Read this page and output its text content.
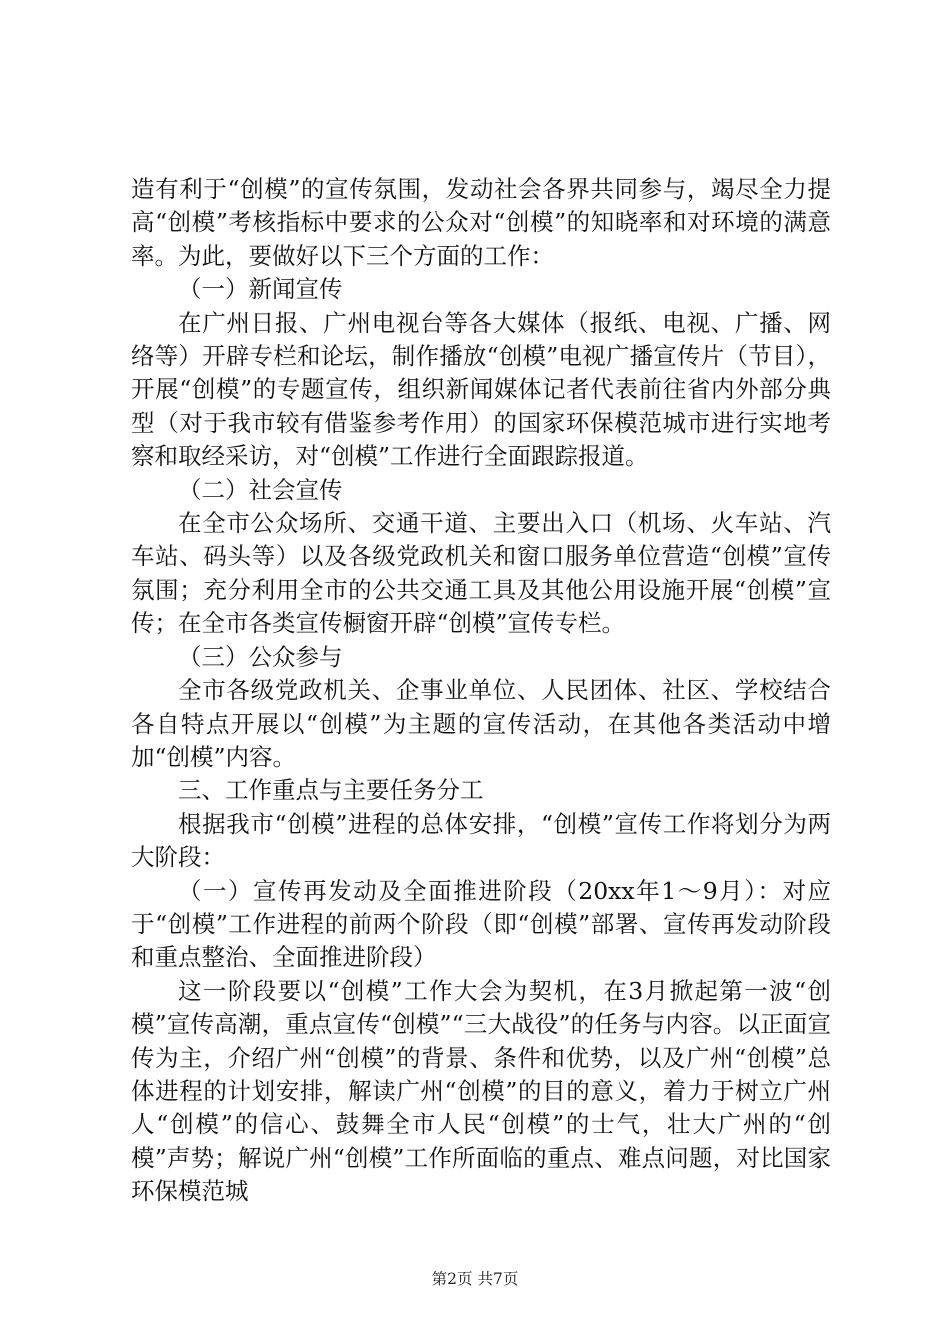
造有利于“创模”的宣传氛围，发动社会各界共同参与，竭尽全力提高“创模”考核指标中要求的公众对“创模”的知晓率和对环境的满意率。为此，要做好以下三个方面的工作：

（一）新闻宣传

在广州日报、广州电视台等各大媒体（报纸、电视、广播、网络等）开辟专栏和论坛，制作播放“创模”电视广播宣传片（节目），开展“创模”的专题宣传，组织新闻媒体记者代表前往省内外部分典型（对于我市较有借鉴参考作用）的国家环保模范城市进行实地考察和取经采访，对“创模”工作进行全面跟踪报道。

（二）社会宣传

在全市公众场所、交通干道、主要出入口（机场、火车站、汽车站、码头等）以及各级党政机关和窗口服务单位营造“创模”宣传氛围；充分利用全市的公共交通工具及其他公用设施开展“创模”宣传；在全市各类宣传橱窗开辟“创模”宣传专栏。

（三）公众参与

全市各级党政机关、企事业单位、人民团体、社区、学校结合各自特点开展以“创模”为主题的宣传活动，在其他各类活动中增加“创模”内容。

三、工作重点与主要任务分工

根据我市“创模”进程的总体安排，“创模”宣传工作将划分为两大阶段：

（一）宣传再发动及全面推进阶段（20xx年1～9月）：对应于“创模”工作进程的前两个阶段（即“创模”部署、宣传再发动阶段和重点整治、全面推进阶段）

这一阶段要以“创模”工作大会为契机，在3月掀起第一波“创模”宣传高潮，重点宣传“创模”“三大战役”的任务与内容。以正面宣传为主，介绍广州“创模”的背景、条件和优势，以及广州“创模”总体进程的计划安排，解读广州“创模”的目的意义，着力于树立广州人“创模”的信心、鼓舞全市人民“创模”的士气，壮大广州的“创模”声势；解说广州“创模”工作所面临的重点、难点问题，对比国家环保模范城

第2页 共7页
